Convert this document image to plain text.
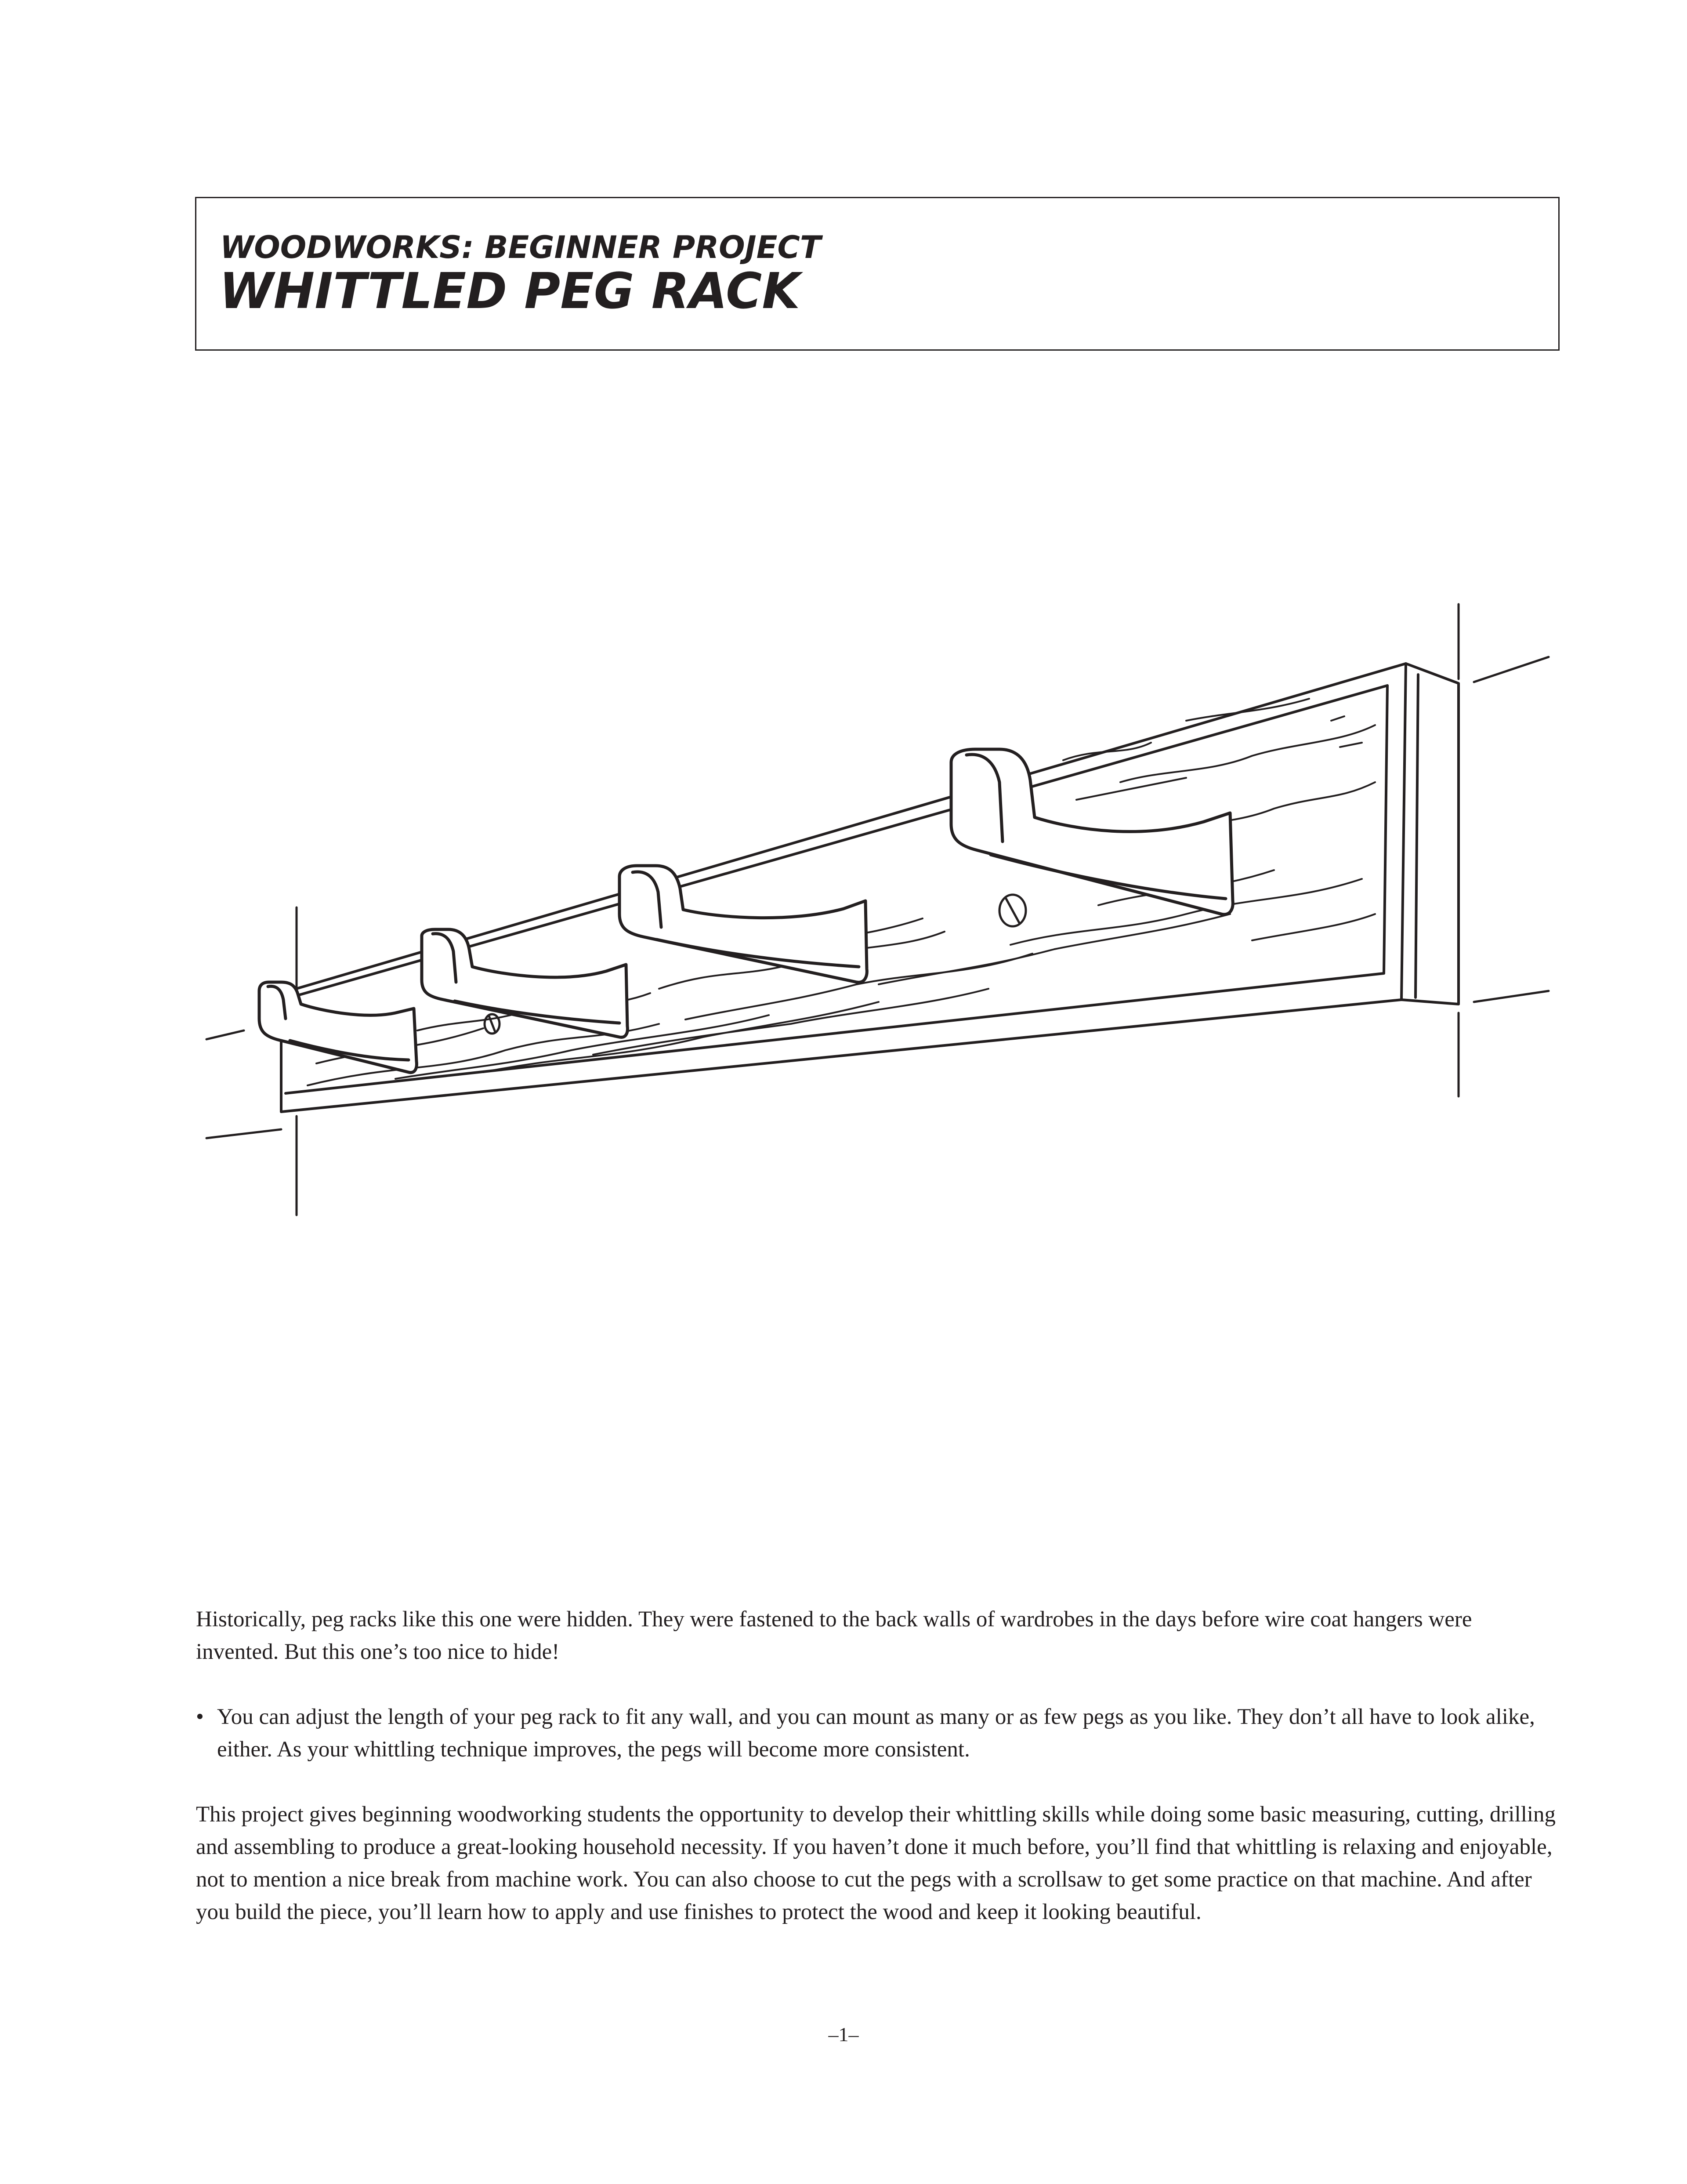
WOODWORKS: BEGINNER PROJECT
WHITTLED PEG RACK

Historically, peg racks like this one were hidden. They were fastened to the back walls of wardrobes in the days before wire coat hangers were invented. But this one’s too nice to hide!

• You can adjust the length of your peg rack to fit any wall, and you can mount as many or as few pegs as you like. They don’t all have to look alike, either. As your whittling technique improves, the pegs will become more consistent.

This project gives beginning woodworking students the opportunity to develop their whittling skills while doing some basic measuring, cutting, drilling and assembling to produce a great-looking household necessity. If you haven’t done it much before, you’ll find that whittling is relaxing and enjoyable, not to mention a nice break from machine work. You can also choose to cut the pegs with a scrollsaw to get some practice on that machine. And after you build the piece, you’ll learn how to apply and use finishes to protect the wood and keep it looking beautiful.

–1–
